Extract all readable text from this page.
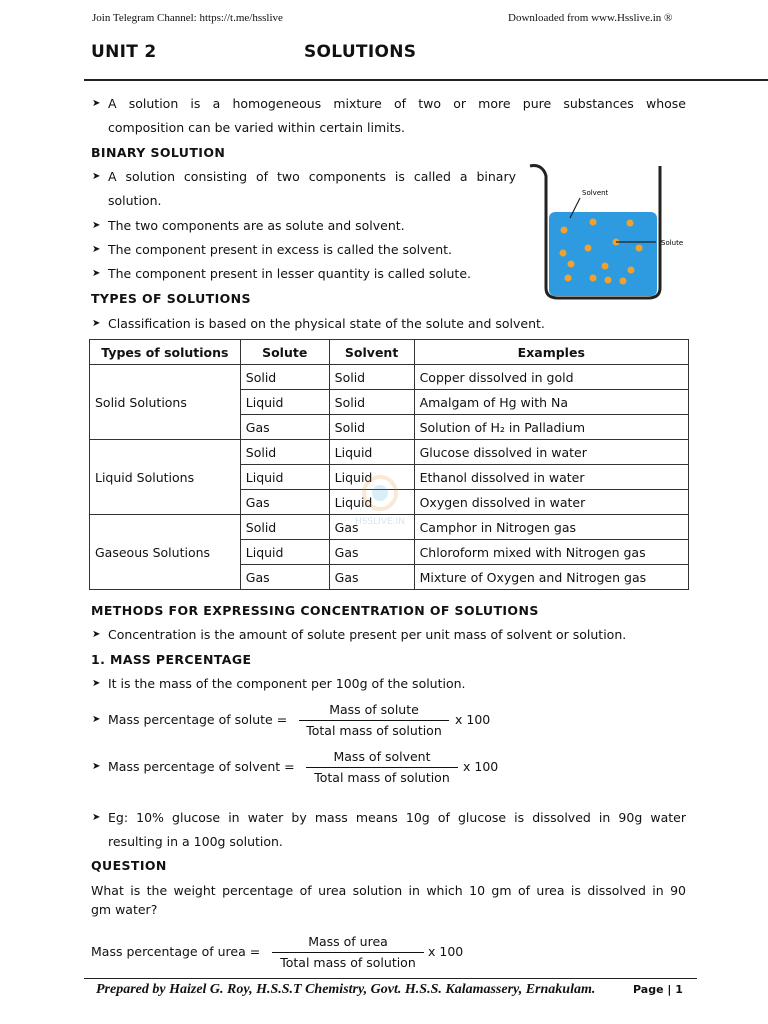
Join Telegram Channel: https://t.me/hsslive	Downloaded from www.Hsslive.in ®
UNIT 2	SOLUTIONS
➤ A solution is a homogeneous mixture of two or more pure substances whose
composition can be varied within certain limits.
BINARY SOLUTION
➤ A solution consisting of two components is called a binary
solution.
➤ The two components are as solute and solvent.
➤ The component present in excess is called the solvent.
➤ The component present in lesser quantity is called solute.
Solvent
Solute
TYPES OF SOLUTIONS
➤ Classification is based on the physical state of the solute and solvent.
Types of solutions	Solute	Solvent	Examples
Solid Solutions	Solid	Solid	Copper dissolved in gold
	Liquid	Solid	Amalgam of Hg with Na
	Gas	Solid	Solution of H₂ in Palladium
Liquid Solutions	Solid	Liquid	Glucose dissolved in water
	Liquid	Liquid	Ethanol dissolved in water
	Gas	Liquid	Oxygen dissolved in water
Gaseous Solutions	Solid	Gas	Camphor in Nitrogen gas
	Liquid	Gas	Chloroform mixed with Nitrogen gas
	Gas	Gas	Mixture of Oxygen and Nitrogen gas
HSSLIVE.IN
METHODS FOR EXPRESSING CONCENTRATION OF SOLUTIONS
➤ Concentration is the amount of solute present per unit mass of solvent or solution.
1. MASS PERCENTAGE
➤ It is the mass of the component per 100g of the solution.
➤ Mass percentage of solute =
Mass of solute
Total mass of solution
x 100
➤ Mass percentage of solvent =
Mass of solvent
Total mass of solution
x 100
➤ Eg: 10% glucose in water by mass means 10g of glucose is dissolved in 90g water
resulting in a 100g solution.
QUESTION
What is the weight percentage of urea solution in which 10 gm of urea is dissolved in 90
gm water?
Mass percentage of urea =
Mass of urea
Total mass of solution
x 100
Prepared by Haizel G. Roy, H.S.S.T Chemistry, Govt. H.S.S. Kalamassery, Ernakulam.	Page | 1
